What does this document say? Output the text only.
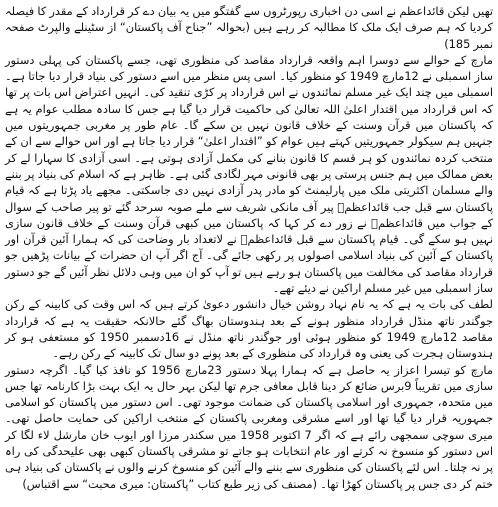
تھیں لیکن قائداعظم نے اسی دن اخباری رپورٹروں سے گفتگو میں یہ بیان دے کر قرارداد کے مقدر کا فیصلہ کردیا کہ ہم صرف ایک ملک کا مطالبہ کر رہے ہیں (بحوالہ ”جناح آف پاکستان“ از سٹینلے والپرٹ صفحہ نمبر 185)

مارچ کے حوالے سے دوسرا اہم واقعہ قرارداد مقاصد کی منظوری تھی، جسے پاکستان کی پہلی دستور ساز اسمبلی نے 12مارچ 1949 کو منظور کیا۔ اسی پس منظر میں اسے دستور کی بنیاد قرار دیا جاتا ہے۔ اسمبلی میں چند ایک غیر مسلم نمائندوں نے اس قرارداد پر کڑی تنقید کی۔ انہیں اعتراض اس بات پر تھا کہ اس قرارداد میں اقتدار اعلیٰ اللہ تعالیٰ کی حاکمیت قرار دیا گیا ہے جس کا سادہ مطلب عوام یہ ہے کہ پاکستان میں قرآن وسنت کے خلاف قانون نہیں بن سکے گا۔ عام طور پر مغربی جمہوریتوں میں جنہیں ہم سیکولر جمہوریتیں کہتے ہیں عوام کو ”اقتدار اعلیٰ“ قرار دیا جاتا ہے اور اس حوالے سے ان کے منتخب کردہ نمائندوں کو ہر قسم کا قانون بنانے کی مکمل آزادی ہوتی ہے۔ اسی آزادی کا سہارا لے کر بعض ممالک میں ہم جنس پرستی پر بھی قانونی مہر لگادی گئی ہے۔ ظاہر ہے کہ اسلام کی بنیاد پر بننے والے مسلمان اکثریتی ملک میں پارلیمنٹ کو مادر پدر آزادی نہیں دی جاسکتی۔ مجھے یاد پڑتا ہے کہ قیام پاکستان سے قبل جب قائداعظمؒ پیر آف مانکی شریف سے ملے صوبہ سرحد گئے تو پیر صاحب کے سوال کے جواب میں قائداعظمؒ نے زور دے کر کہا کہ پاکستان میں کبھی قرآن وسنت کے خلاف قانون سازی نہیں ہو سکے گی۔ قیام پاکستان سے قبل قائداعظمؒ نے لاتعداد بار وضاحت کی کہ ہمارا آئین قرآن اور پاکستان کے آئین کی بنیاد اسلامی اصولوں پر رکھی جائے گی۔ آج اگر آپ ان حضرات کے بیانات پڑھیں جو قرارداد مقاصد کی مخالفت میں پاکستان ہو رہے ہیں تو آپ کو ان میں وہی دلائل نظر آئیں گے جو دستور ساز اسمبلی میں غیر مسلم اراکین نے دیئے تھے۔

لطف کی بات یہ ہے کہ یہ نام نہاد روشن خیال دانشور دعویٰ کرتے ہیں کہ اس وقت کی کابینہ کے رکن جوگندر ناتھ منڈل قرارداد منظور ہونے کے بعد ہندوستان بھاگ گئے حالانکہ حقیقت یہ ہے کہ قرارداد مقاصد 12مارچ 1949 کو منظور ہوئی اور جوگندر ناتھ منڈل نے 16دسمبر 1950 کو مستعفی ہو کر ہندوستان ہجرت کی یعنی وہ قرارداد کی منظوری کے بعد پونے دو سال تک کابینہ کے رکن رہے۔

مارچ کو تیسرا اعزاز یہ حاصل ہے کہ ہمارا پہلا دستور 23مارچ 1956 کو نافذ کیا گیا۔ اگرچہ دستور سازی میں تقریباً 9برس ضائع کر دینا قابل معافی جرم تھا لیکن بہر حال یہ ایک بہت بڑا کارنامہ تھا جس میں متحدہ، جمہوری اور اسلامی پاکستان کی ضمانت موجود تھی۔ اس دستور میں پاکستان کو اسلامی جمہوریہ قرار دیا گیا تھا اور اسے مشرقی ومغربی پاکستان کے منتخب اراکین کی حمایت حاصل تھی۔ میری سوچی سمجھی رائے ہے کہ اگر 7 اکتوبر 1958 میں سکندر مرزا اور ایوب خان مارشل لاء لگا کر اس دستور کو منسوخ نہ کرتے اور عام انتخابات ہو جاتے تو مشرقی پاکستان کبھی بھی علیحدگی کی راہ پر نہ چلتا۔ اس لئے پاکستان کی منظوری سے بننے والے آئین کو منسوخ کرنے والوں نے پاکستان کی بنیاد ہی ختم کر دی جس پر پاکستان کھڑا تھا۔ (مصنف کی زیر طبع کتاب ”پاکستان: میری محبت“ سے اقتباس)
